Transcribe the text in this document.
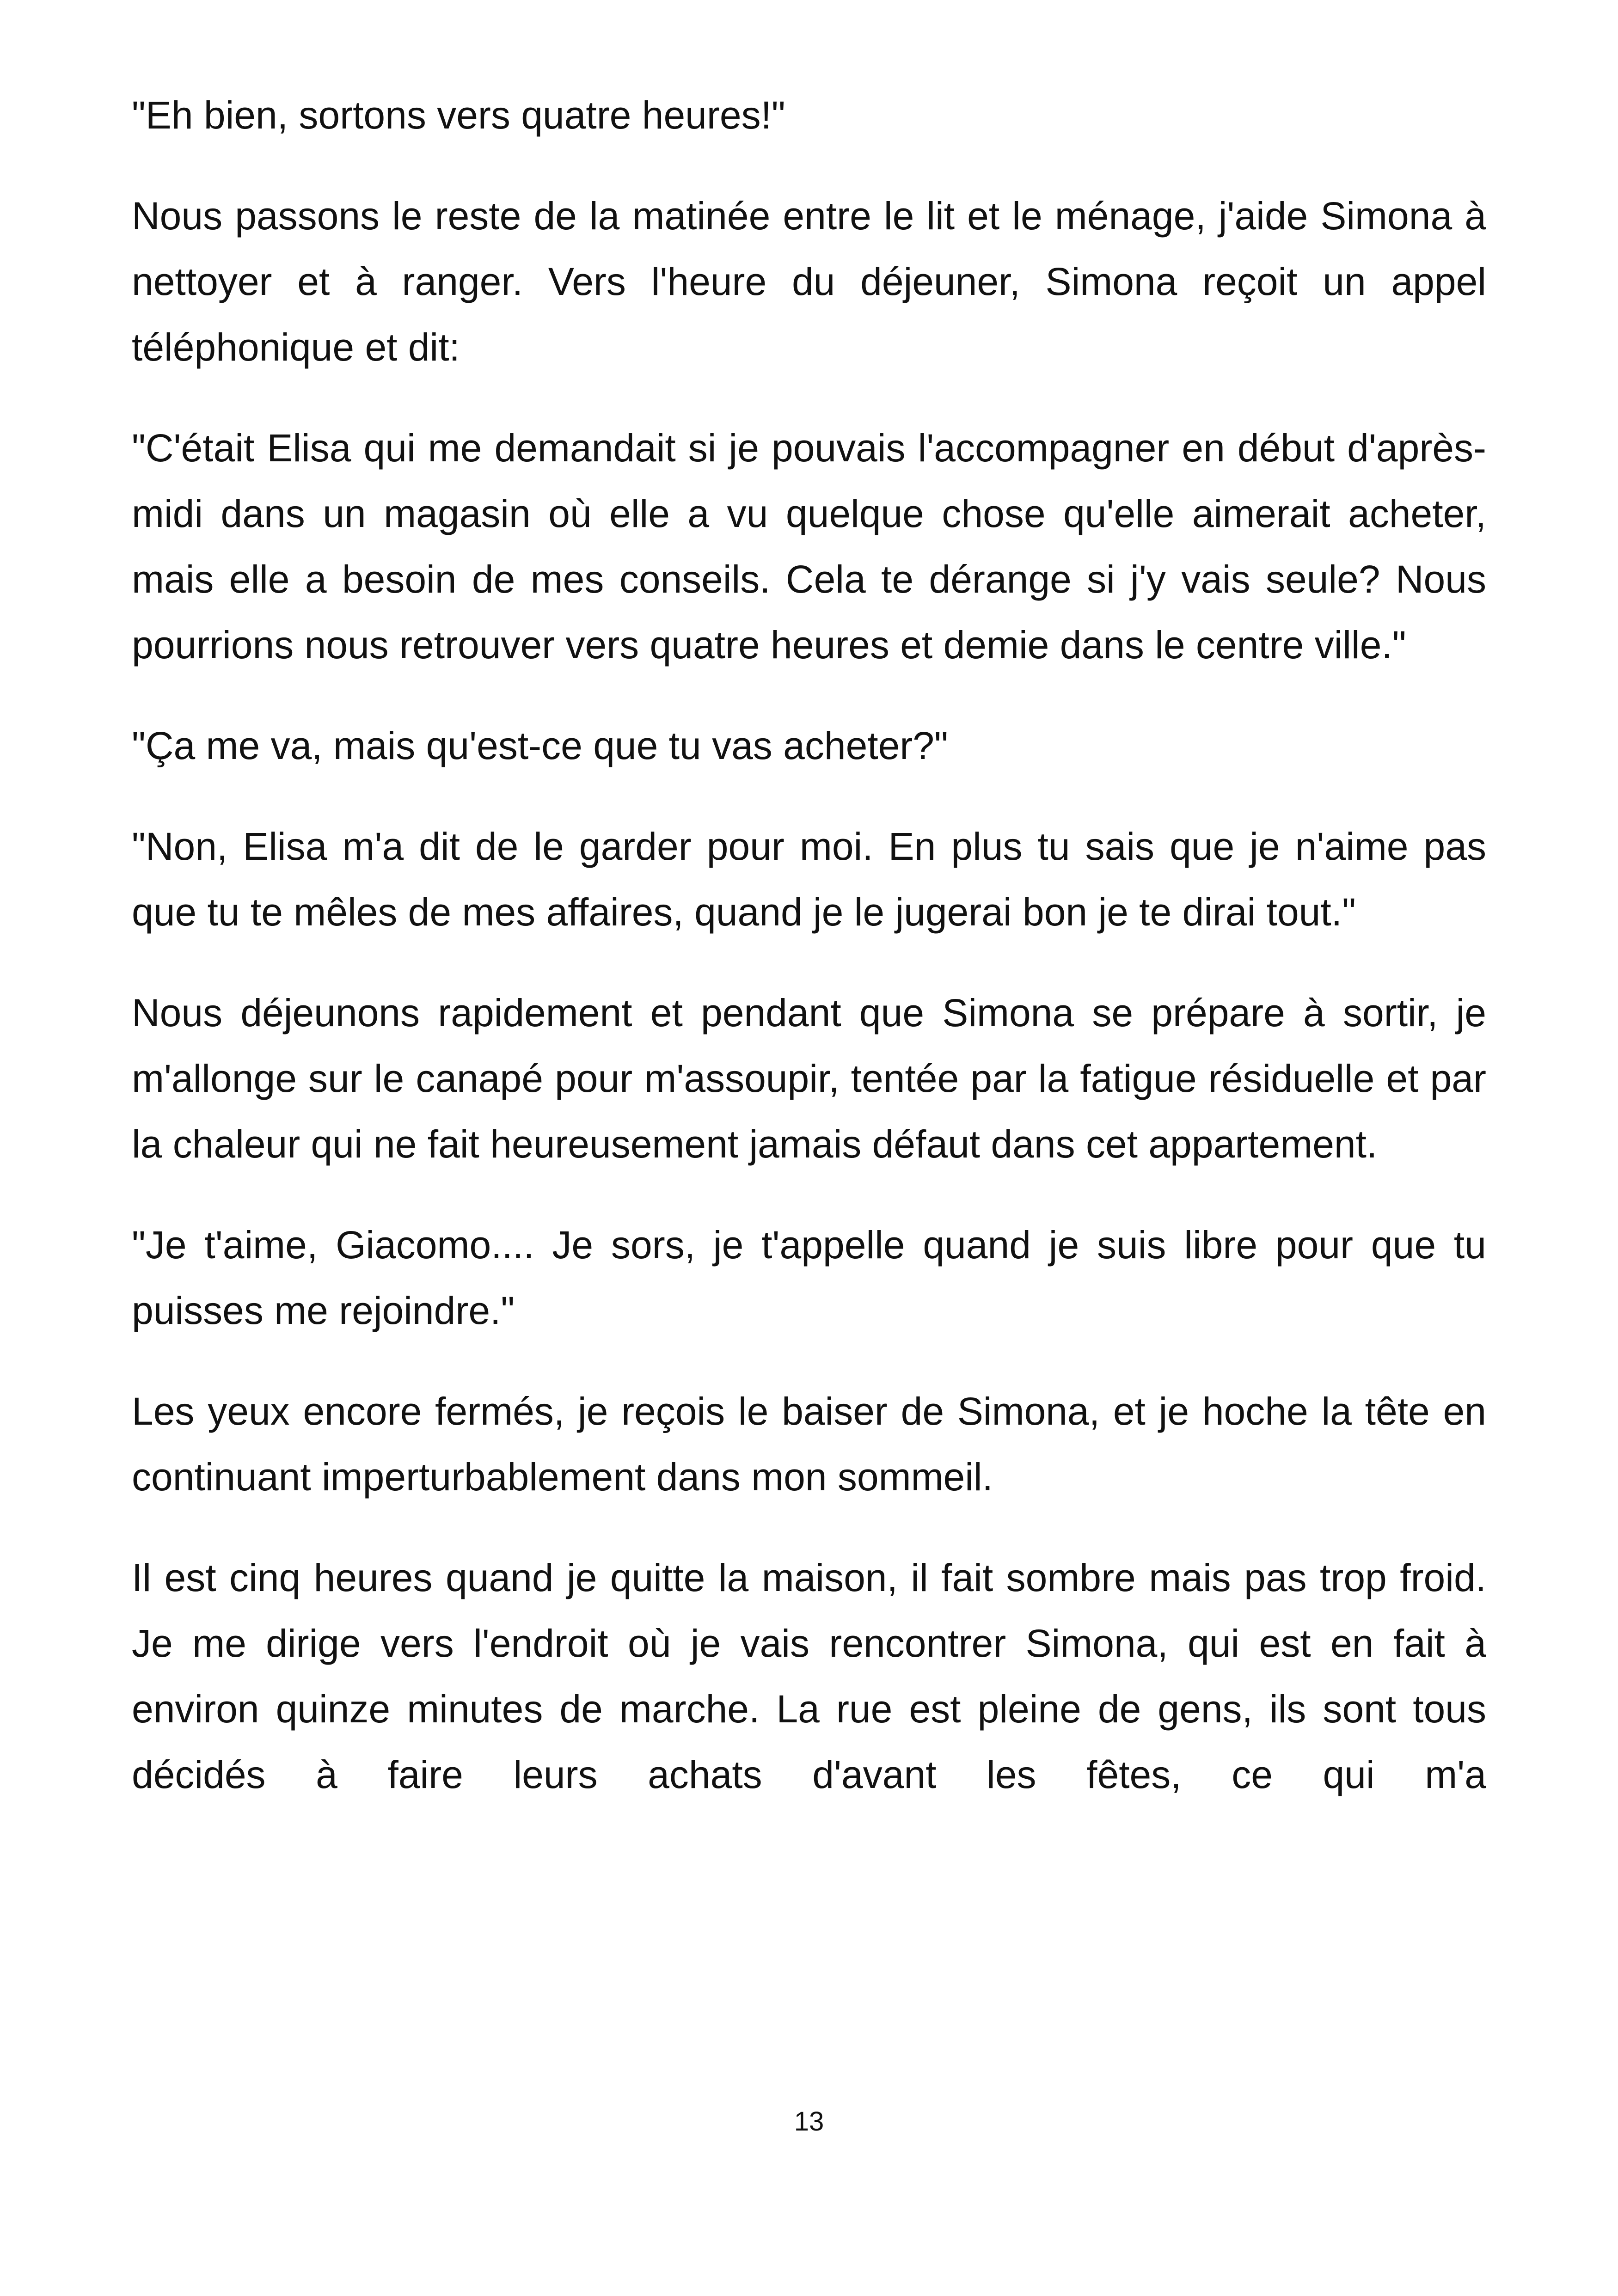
"Eh bien, sortons vers quatre heures!"

Nous passons le reste de la matinée entre le lit et le ménage, j'aide Simona à nettoyer et à ranger. Vers l'heure du déjeuner, Simona reçoit un appel téléphonique et dit:

"C'était Elisa qui me demandait si je pouvais l'accompagner en début d'après-midi dans un magasin où elle a vu quelque chose qu'elle aimerait acheter, mais elle a besoin de mes conseils. Cela te dérange si j'y vais seule? Nous pourrions nous retrouver vers quatre heures et demie dans le centre ville."

"Ça me va, mais qu'est-ce que tu vas acheter?"

"Non, Elisa m'a dit de le garder pour moi. En plus tu sais que je n'aime pas que tu te mêles de mes affaires, quand je le jugerai bon je te dirai tout."

Nous déjeunons rapidement et pendant que Simona se prépare à sortir, je m'allonge sur le canapé pour m'assoupir, tentée par la fatigue résiduelle et par la chaleur qui ne fait heureusement jamais défaut dans cet appartement.

"Je t'aime, Giacomo.... Je sors, je t'appelle quand je suis libre pour que tu puisses me rejoindre."

Les yeux encore fermés, je reçois le baiser de Simona, et je hoche la tête en continuant imperturbablement dans mon sommeil.

Il est cinq heures quand je quitte la maison, il fait sombre mais pas trop froid. Je me dirige vers l'endroit où je vais rencontrer Simona, qui est en fait à environ quinze minutes de marche. La rue est pleine de gens, ils sont tous décidés à faire leurs achats d'avant les fêtes, ce qui m'a

13
